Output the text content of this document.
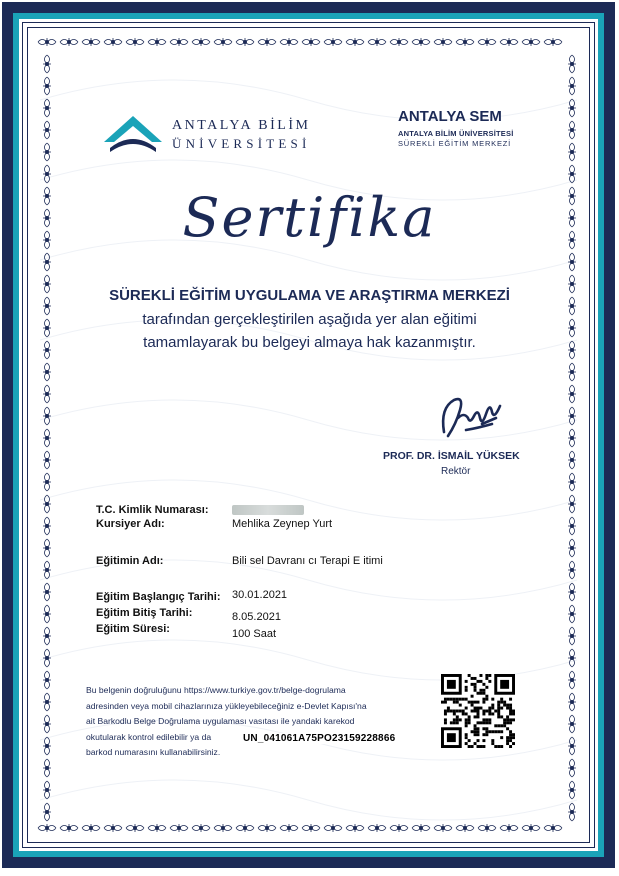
ANTALYA BİLİM
ÜNİVERSİTESİ
ANTALYA SEM
ANTALYA BİLİM ÜNİVERSİTESİ
SÜREKLİ EĞİTİM MERKEZİ
Sertifika
SÜREKLİ EĞİTİM UYGULAMA VE ARAŞTIRMA MERKEZİ
tarafından gerçekleştirilen aşağıda yer alan eğitimi
tamamlayarak bu belgeyi almaya hak kazanmıştır.
PROF. DR. İSMAİL YÜKSEK
Rektör
T.C. Kimlik Numarası:
Kursiyer Adı:	Mehlika Zeynep Yurt
Eğitimin Adı:	Bili sel Davranı cı Terapi E itimi
Eğitim Başlangıç Tarihi: 30.01.2021
Eğitim Bitiş Tarihi:	8.05.2021
Eğitim Süresi:	100 Saat
Bu belgenin doğruluğunu https://www.turkiye.gov.tr/belge-dogrulama
adresinden veya mobil cihazlarınıza yükleyebileceğiniz e-Devlet Kapısı'na
ait Barkodlu Belge Doğrulama uygulaması vasıtası ile yandaki karekod
okutularak kontrol edilebilir ya da
barkod numarasını kullanabilirsiniz.
UN_041061A75PO23159228866
